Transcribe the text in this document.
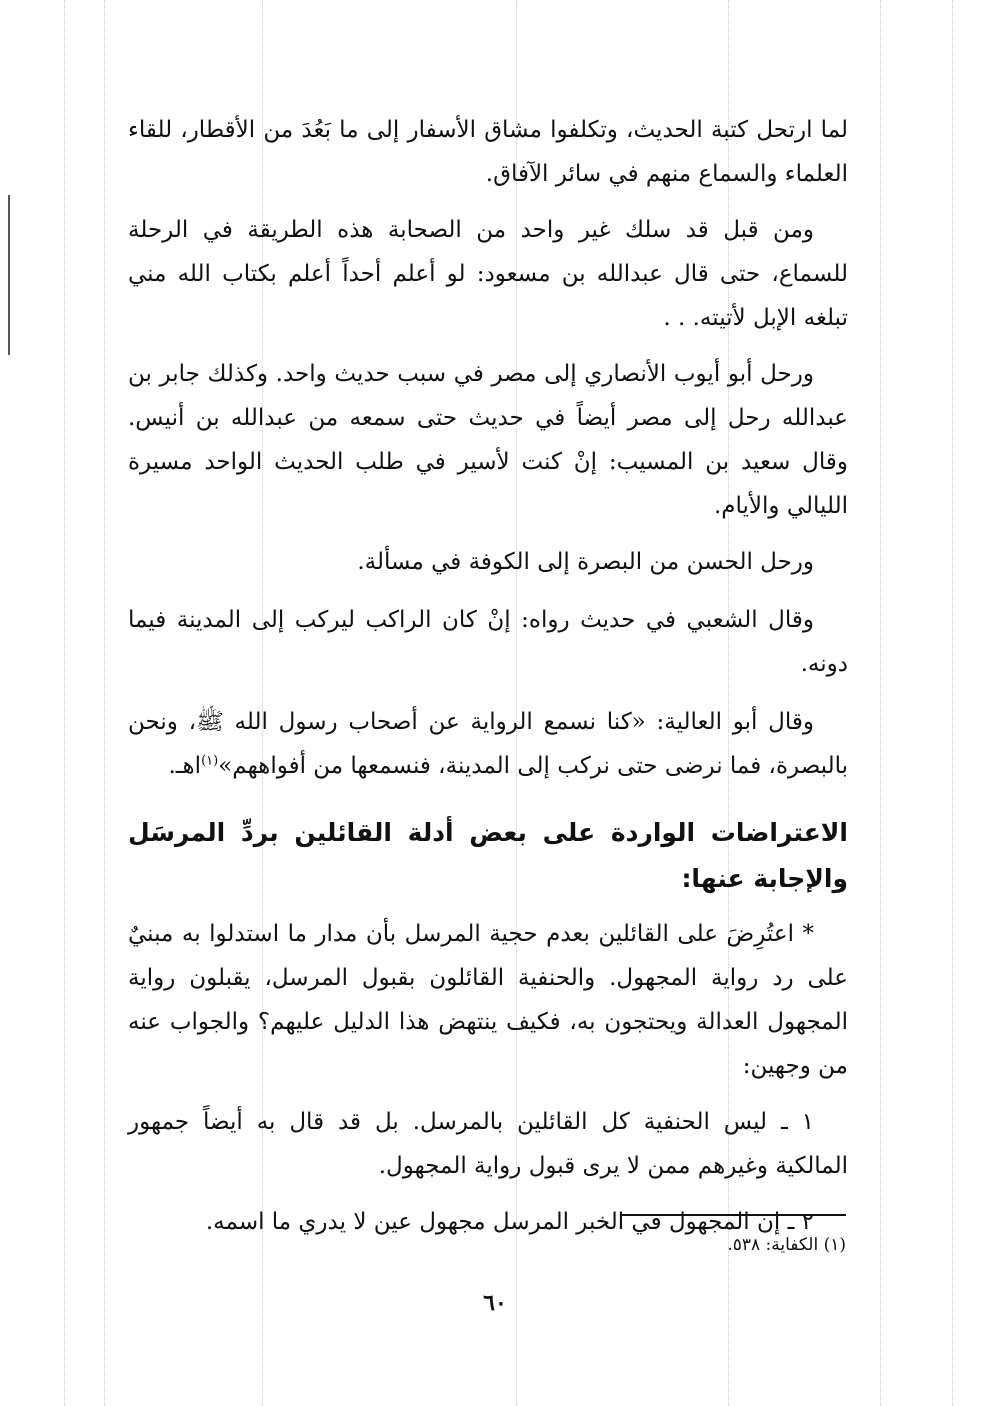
لما ارتحل كتبة الحديث، وتكلفوا مشاق الأسفار إلى ما بَعُدَ من الأقطار، للقاء العلماء والسماع منهم في سائر الآفاق.

ومن قبل قد سلك غير واحد من الصحابة هذه الطريقة في الرحلة للسماع، حتى قال عبدالله بن مسعود: لو أعلم أحداً أعلم بكتاب الله مني تبلغه الإبل لأتيته. . .

ورحل أبو أيوب الأنصاري إلى مصر في سبب حديث واحد. وكذلك جابر بن عبدالله رحل إلى مصر أيضاً في حديث حتى سمعه من عبدالله بن أنيس. وقال سعيد بن المسيب: إنْ كنت لأسير في طلب الحديث الواحد مسيرة الليالي والأيام.

ورحل الحسن من البصرة إلى الكوفة في مسألة.

وقال الشعبي في حديث رواه: إنْ كان الراكب ليركب إلى المدينة فيما دونه.

وقال أبو العالية: «كنا نسمع الرواية عن أصحاب رسول الله ﷺ، ونحن بالبصرة، فما نرضى حتى نركب إلى المدينة، فنسمعها من أفواههم»$^{(١)}$اهـ.

الاعتراضات الواردة على بعض أدلة القائلين بردِّ المرسَل والإجابة عنها:

* اعتُرِضَ على القائلين بعدم حجية المرسل بأن مدار ما استدلوا به مبنيٌ على رد رواية المجهول. والحنفية القائلون بقبول المرسل، يقبلون رواية المجهول العدالة ويحتجون به، فكيف ينتهض هذا الدليل عليهم؟ والجواب عنه من وجهين:

١ ـ ليس الحنفية كل القائلين بالمرسل. بل قد قال به أيضاً جمهور المالكية وغيرهم ممن لا يرى قبول رواية المجهول.

٢ ـ إن المجهول في الخبر المرسل مجهول عين لا يدري ما اسمه.

(١) الكفاية: ٥٣٨.
٦٠
